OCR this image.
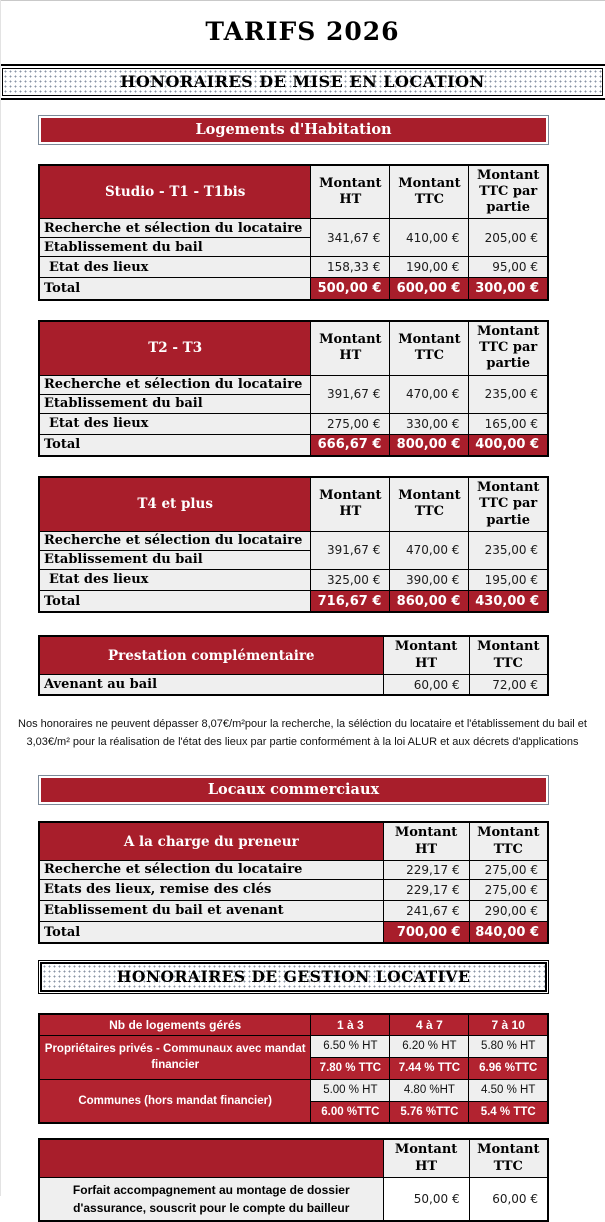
TARIFS 2026
HONORAIRES DE MISE EN LOCATION
Logements d'Habitation
Studio - T1 - T1bis	Montant HT	Montant TTC	Montant TTC par partie
Recherche et sélection du locataire	341,67 €	410,00 €	205,00 €
Etablissement du bail			
Etat des lieux	158,33 €	190,00 €	95,00 €
Total	500,00 €	600,00 €	300,00 €
T2 - T3	Montant HT	Montant TTC	Montant TTC par partie
Recherche et sélection du locataire	391,67 €	470,00 €	235,00 €
Etablissement du bail			
Etat des lieux	275,00 €	330,00 €	165,00 €
Total	666,67 €	800,00 €	400,00 €
T4 et plus	Montant HT	Montant TTC	Montant TTC par partie
Recherche et sélection du locataire	391,67 €	470,00 €	235,00 €
Etablissement du bail			
Etat des lieux	325,00 €	390,00 €	195,00 €
Total	716,67 €	860,00 €	430,00 €
Prestation complémentaire	Montant HT	Montant TTC
Avenant au bail	60,00 €	72,00 €
Nos honoraires ne peuvent dépasser 8,07€/m²pour la recherche, la séléction du locataire et l'établissement du bail et 3,03€/m² pour la réalisation de l'état des lieux par partie conformément à la loi ALUR et aux décrets d'applications
Locaux commerciaux
A la charge du preneur	Montant HT	Montant TTC
Recherche et sélection du locataire	229,17 €	275,00 €
Etats des lieux, remise des clés	229,17 €	275,00 €
Etablissement du bail et avenant	241,67 €	290,00 €
Total	700,00 €	840,00 €
HONORAIRES DE GESTION LOCATIVE
Nb de logements gérés	1 à 3	4 à 7	7 à 10
Propriétaires privés - Communaux avec mandat financier	6.50 % HT	6.20 % HT	5.80 % HT
	7.80 % TTC	7.44 % TTC	6.96 %TTC
Communes (hors mandat financier)	5.00 % HT	4.80 %HT	4.50 % HT
	6.00 %TTC	5.76 %TTC	5.4 % TTC
	Montant HT	Montant TTC
Forfait accompagnement au montage de dossier d'assurance, souscrit pour le compte du bailleur	50,00 €	60,00 €
